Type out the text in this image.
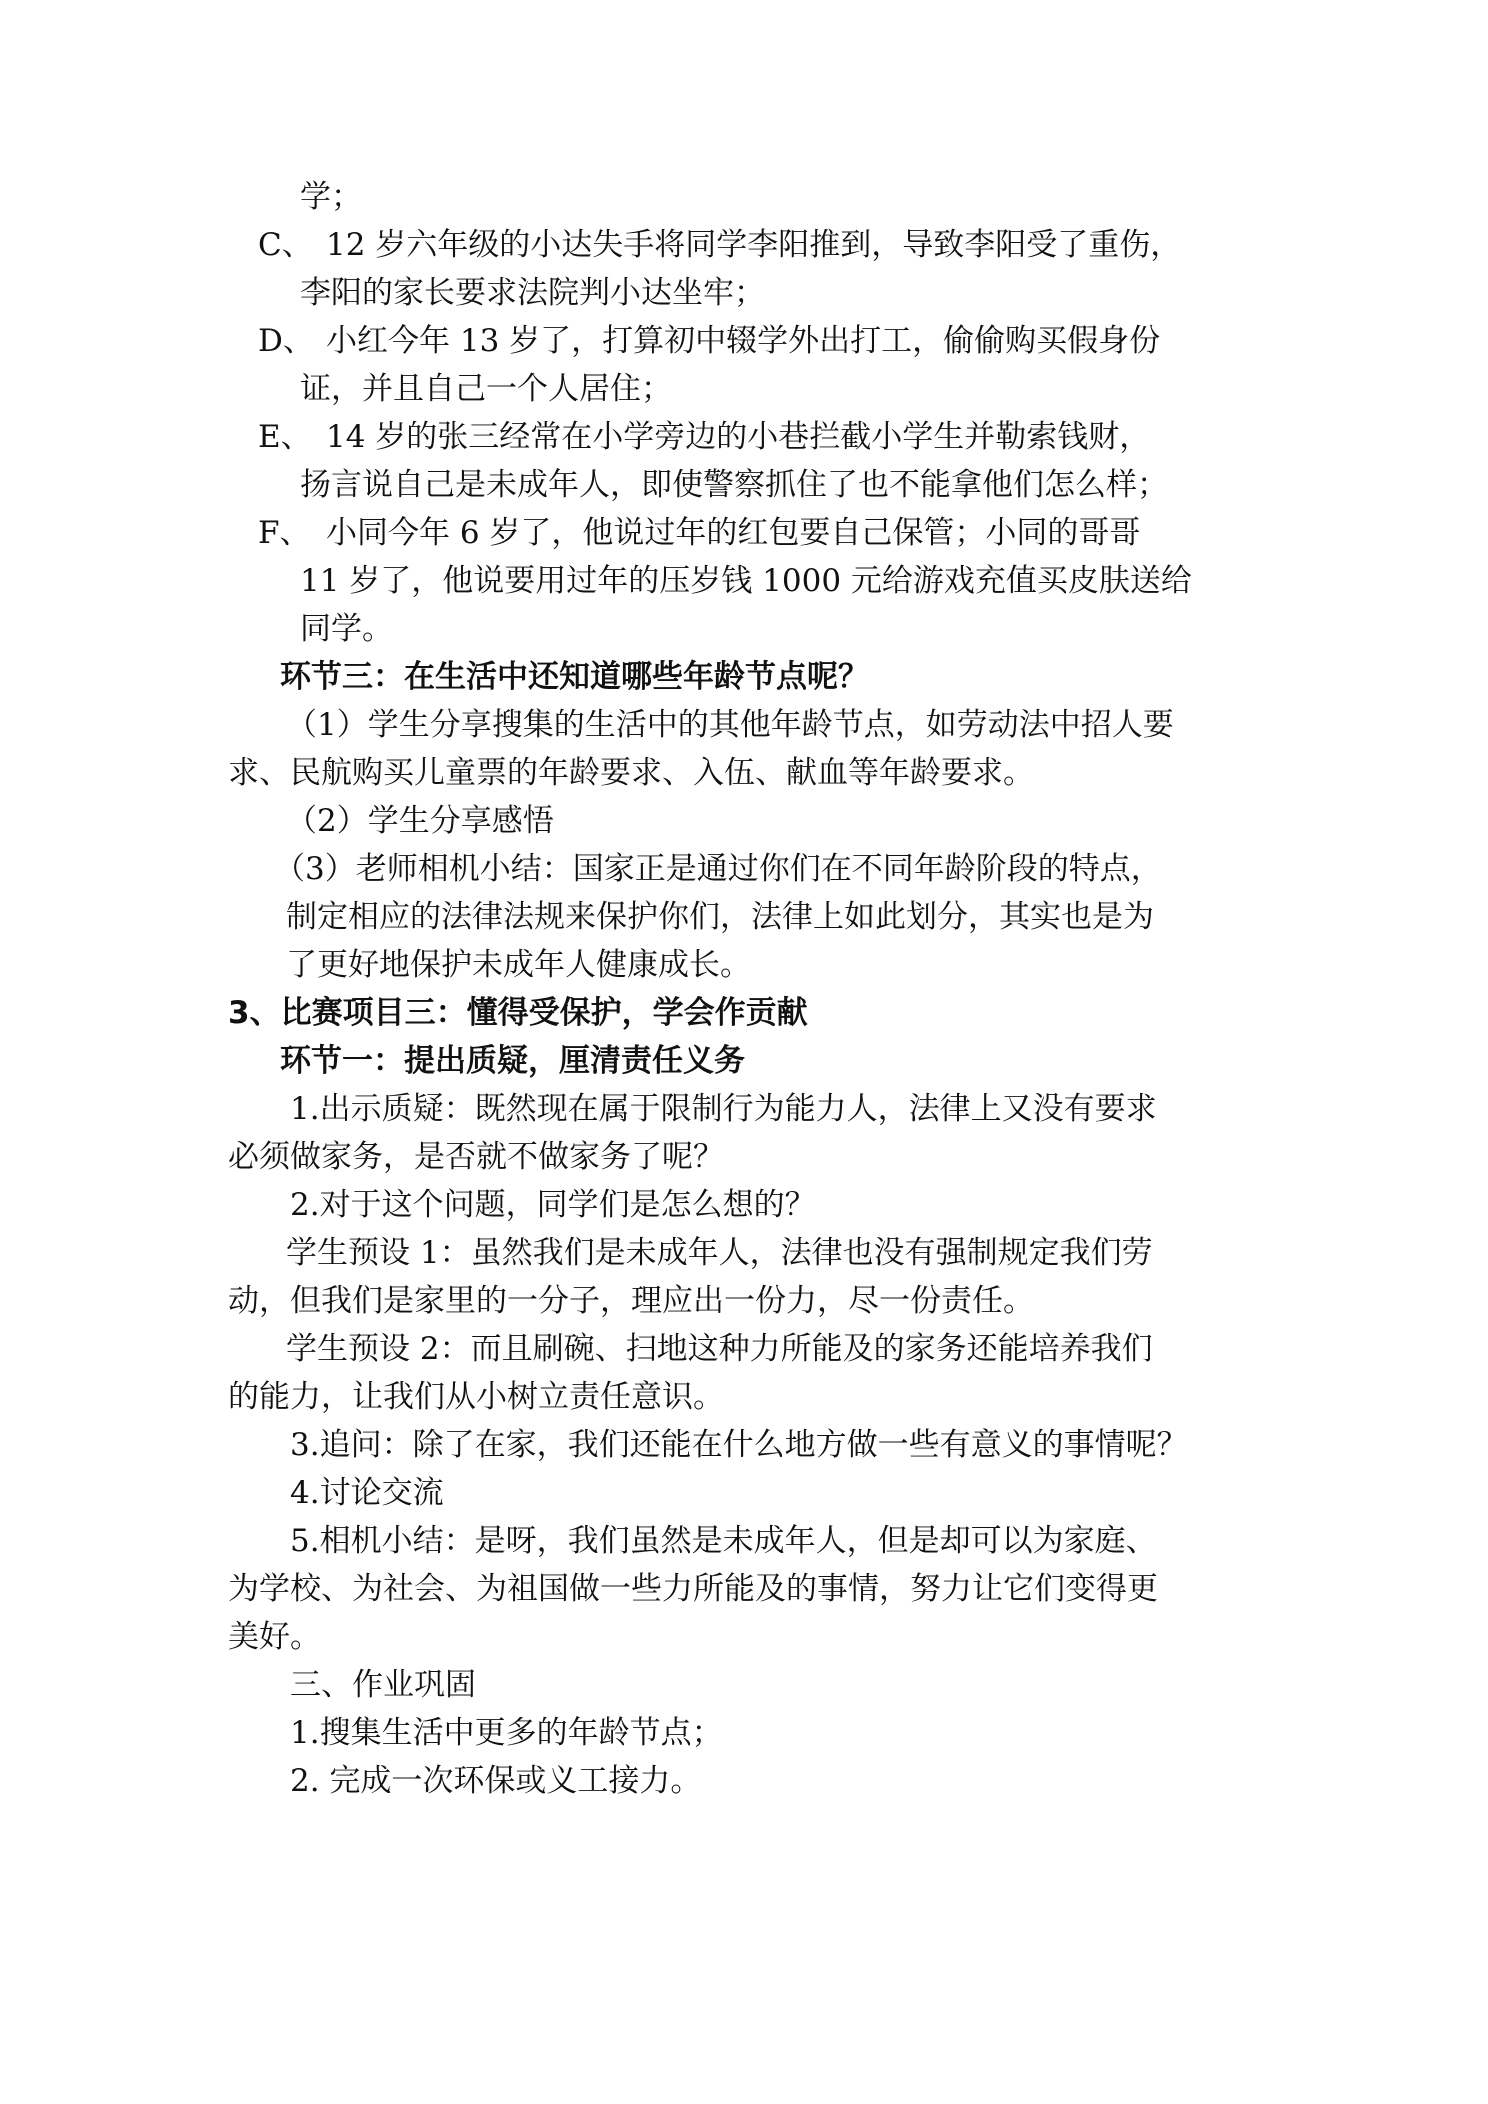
学；
C、 12 岁六年级的小达失手将同学李阳推到，导致李阳受了重伤，
李阳的家长要求法院判小达坐牢；
D、 小红今年 13 岁了，打算初中辍学外出打工，偷偷购买假身份
证，并且自己一个人居住；
E、 14 岁的张三经常在小学旁边的小巷拦截小学生并勒索钱财，
扬言说自己是未成年人，即使警察抓住了也不能拿他们怎么样；
F、 小同今年 6 岁了，他说过年的红包要自己保管；小同的哥哥
11 岁了，他说要用过年的压岁钱 1000 元给游戏充值买皮肤送给
同学。
环节三：在生活中还知道哪些年龄节点呢？
（1）学生分享搜集的生活中的其他年龄节点，如劳动法中招人要
求、民航购买儿童票的年龄要求、入伍、献血等年龄要求。
（2）学生分享感悟
（3）老师相机小结：国家正是通过你们在不同年龄阶段的特点，
制定相应的法律法规来保护你们，法律上如此划分，其实也是为
了更好地保护未成年人健康成长。
3、比赛项目三：懂得受保护，学会作贡献
环节一：提出质疑，厘清责任义务
1.出示质疑：既然现在属于限制行为能力人，法律上又没有要求
必须做家务，是否就不做家务了呢？
2.对于这个问题，同学们是怎么想的？
学生预设 1：虽然我们是未成年人，法律也没有强制规定我们劳
动，但我们是家里的一分子，理应出一份力，尽一份责任。
学生预设 2：而且刷碗、扫地这种力所能及的家务还能培养我们
的能力，让我们从小树立责任意识。
3.追问：除了在家，我们还能在什么地方做一些有意义的事情呢？
4.讨论交流
5.相机小结：是呀，我们虽然是未成年人，但是却可以为家庭、
为学校、为社会、为祖国做一些力所能及的事情，努力让它们变得更
美好。
三、作业巩固
1.搜集生活中更多的年龄节点；
2. 完成一次环保或义工接力。
